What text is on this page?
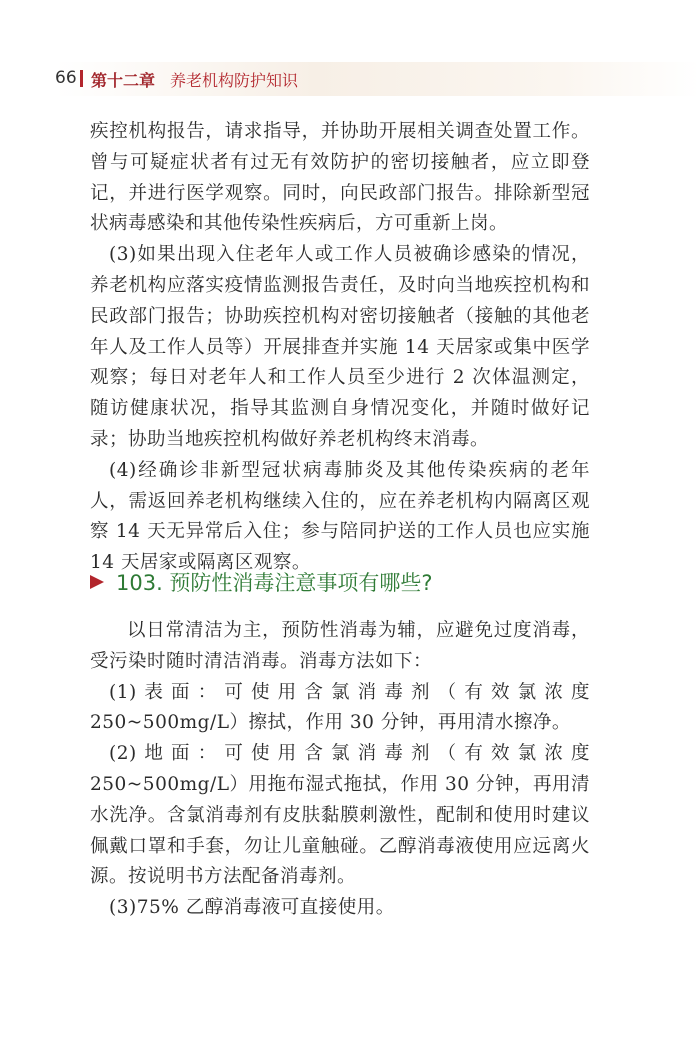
66 第十二章 养老机构防护知识

疾控机构报告，请求指导，并协助开展相关调查处置工作。曾与可疑症状者有过无有效防护的密切接触者，应立即登记，并进行医学观察。同时，向民政部门报告。排除新型冠状病毒感染和其他传染性疾病后，方可重新上岗。

(3)如果出现入住老年人或工作人员被确诊感染的情况，养老机构应落实疫情监测报告责任，及时向当地疾控机构和民政部门报告；协助疾控机构对密切接触者（接触的其他老年人及工作人员等）开展排查并实施 14 天居家或集中医学观察；每日对老年人和工作人员至少进行 2 次体温测定，随访健康状况，指导其监测自身情况变化，并随时做好记录；协助当地疾控机构做好养老机构终末消毒。

(4)经确诊非新型冠状病毒肺炎及其他传染疾病的老年人，需返回养老机构继续入住的，应在养老机构内隔离区观察 14 天无异常后入住；参与陪同护送的工作人员也应实施 14 天居家或隔离区观察。

103. 预防性消毒注意事项有哪些?

以日常清洁为主，预防性消毒为辅，应避免过度消毒，受污染时随时清洁消毒。消毒方法如下：

(1)表面：可使用含氯消毒剂（有效氯浓度 250~500mg/L）擦拭，作用 30 分钟，再用清水擦净。

(2)地面：可使用含氯消毒剂（有效氯浓度 250~500mg/L）用拖布湿式拖拭，作用 30 分钟，再用清水洗净。含氯消毒剂有皮肤黏膜刺激性，配制和使用时建议佩戴口罩和手套，勿让儿童触碰。乙醇消毒液使用应远离火源。按说明书方法配备消毒剂。

(3)75% 乙醇消毒液可直接使用。
